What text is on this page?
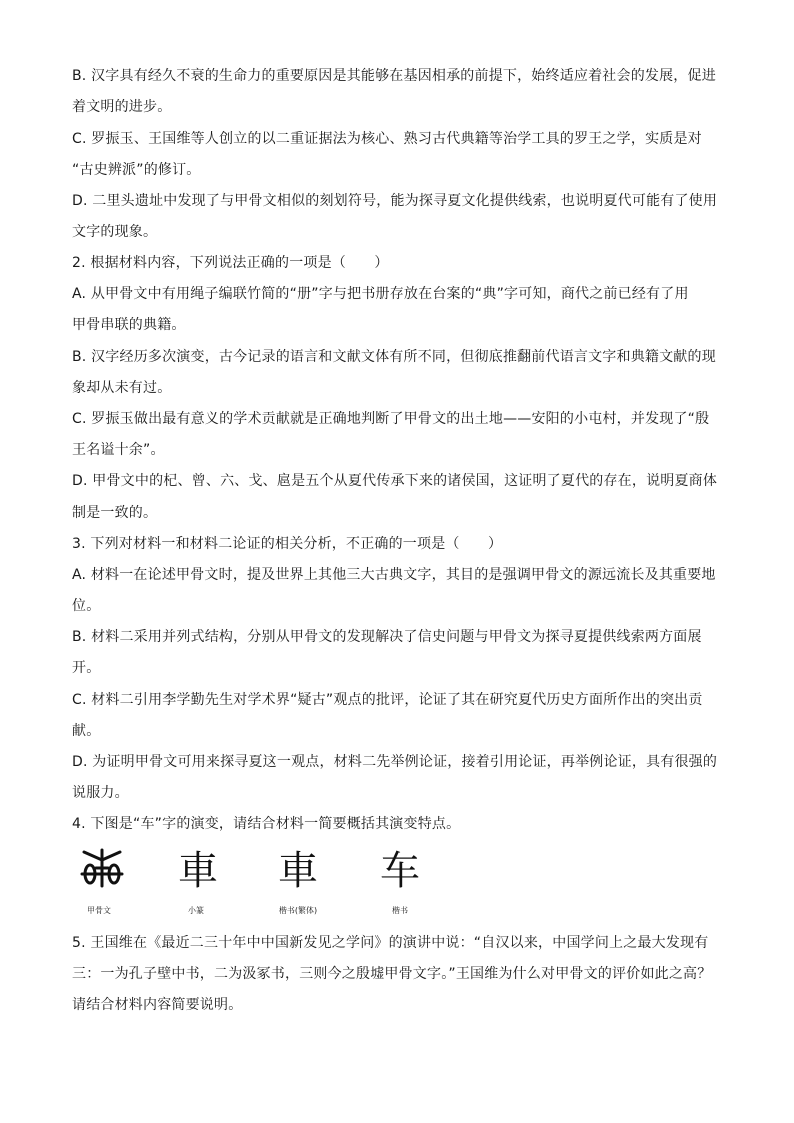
B. 汉字具有经久不衰的生命力的重要原因是其能够在基因相承的前提下，始终适应着社会的发展，促进
着文明的进步。
C. 罗振玉、王国维等人创立的以二重证据法为核心、熟习古代典籍等治学工具的罗王之学，实质是对
“古史辨派”的修订。
D. 二里头遗址中发现了与甲骨文相似的刻划符号，能为探寻夏文化提供线索，也说明夏代可能有了使用
文字的现象。
2. 根据材料内容，下列说法正确的一项是（　　）
A. 从甲骨文中有用绳子编联竹简的“册”字与把书册存放在台案的“典”字可知，商代之前已经有了用
甲骨串联的典籍。
B. 汉字经历多次演变，古今记录的语言和文献文体有所不同，但彻底推翻前代语言文字和典籍文献的现
象却从未有过。
C. 罗振玉做出最有意义的学术贡献就是正确地判断了甲骨文的出土地——安阳的小屯村，并发现了“殷
王名谥十余”。
D. 甲骨文中的杞、曾、六、戈、扈是五个从夏代传承下来的诸侯国，这证明了夏代的存在，说明夏商体
制是一致的。
3. 下列对材料一和材料二论证的相关分析，不正确的一项是（　　）
A. 材料一在论述甲骨文时，提及世界上其他三大古典文字，其目的是强调甲骨文的源远流长及其重要地
位。
B. 材料二采用并列式结构，分别从甲骨文的发现解决了信史问题与甲骨文为探寻夏提供线索两方面展
开。
C. 材料二引用李学勤先生对学术界“疑古”观点的批评，论证了其在研究夏代历史方面所作出的突出贡
献。
D. 为证明甲骨文可用来探寻夏这一观点，材料二先举例论证，接着引用论证，再举例论证，具有很强的
说服力。
4. 下图是“车”字的演变，请结合材料一简要概括其演变特点。
車 車 车
甲骨文	小篆	楷书(繁体)	楷书
5. 王国维在《最近二三十年中中国新发见之学问》的演讲中说：“自汉以来，中国学问上之最大发现有
三：一为孔子壁中书，二为汲冢书，三则今之殷墟甲骨文字。”王国维为什么对甲骨文的评价如此之高？
请结合材料内容简要说明。
